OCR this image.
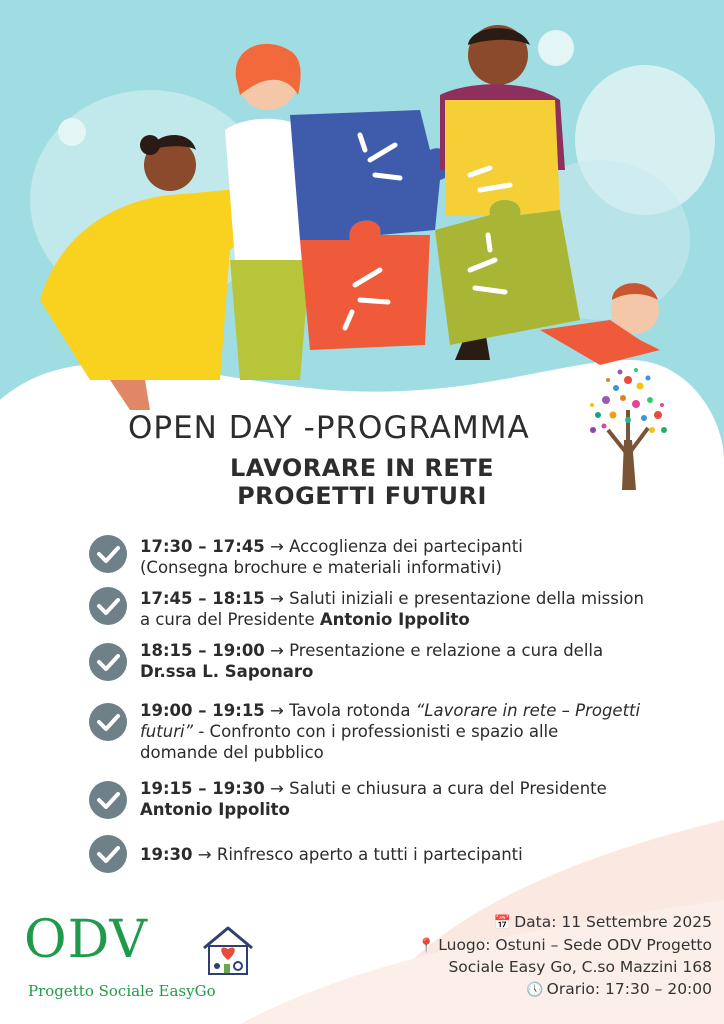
OPEN DAY -PROGRAMMA
LAVORARE IN RETE
PROGETTI FUTURI
17:30 – 17:45 → Accoglienza dei partecipanti
(Consegna brochure e materiali informativi)
17:45 – 18:15 → Saluti iniziali e presentazione della mission
a cura del Presidente Antonio Ippolito
18:15 – 19:00 → Presentazione e relazione a cura della
Dr.ssa L. Saponaro
19:00 – 19:15 → Tavola rotonda “Lavorare in rete – Progetti
futuri” - Confronto con i professionisti e spazio alle
domande del pubblico
19:15 – 19:30 → Saluti e chiusura a cura del Presidente
Antonio Ippolito
19:30 → Rinfresco aperto a tutti i partecipanti
ODV
Progetto Sociale EasyGo
📅 Data: 11 Settembre 2025
📍 Luogo: Ostuni – Sede ODV Progetto
Sociale Easy Go, C.so Mazzini 168
🕔 Orario: 17:30 – 20:00
